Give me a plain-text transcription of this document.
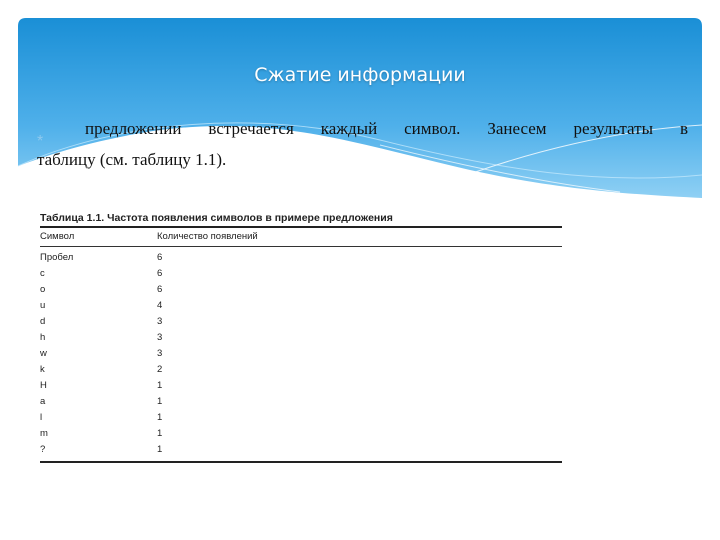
Сжатие информации
*
предложении встречается каждый символ. Занесем результаты в
таблицу (см. таблицу 1.1).
Таблица 1.1. Частота появления символов в примере предложения
Символ	Количество появлений
Пробел	6
c	6
o	6
u	4
d	3
h	3
w	3
k	2
H	1
a	1
l	1
m	1
?	1
